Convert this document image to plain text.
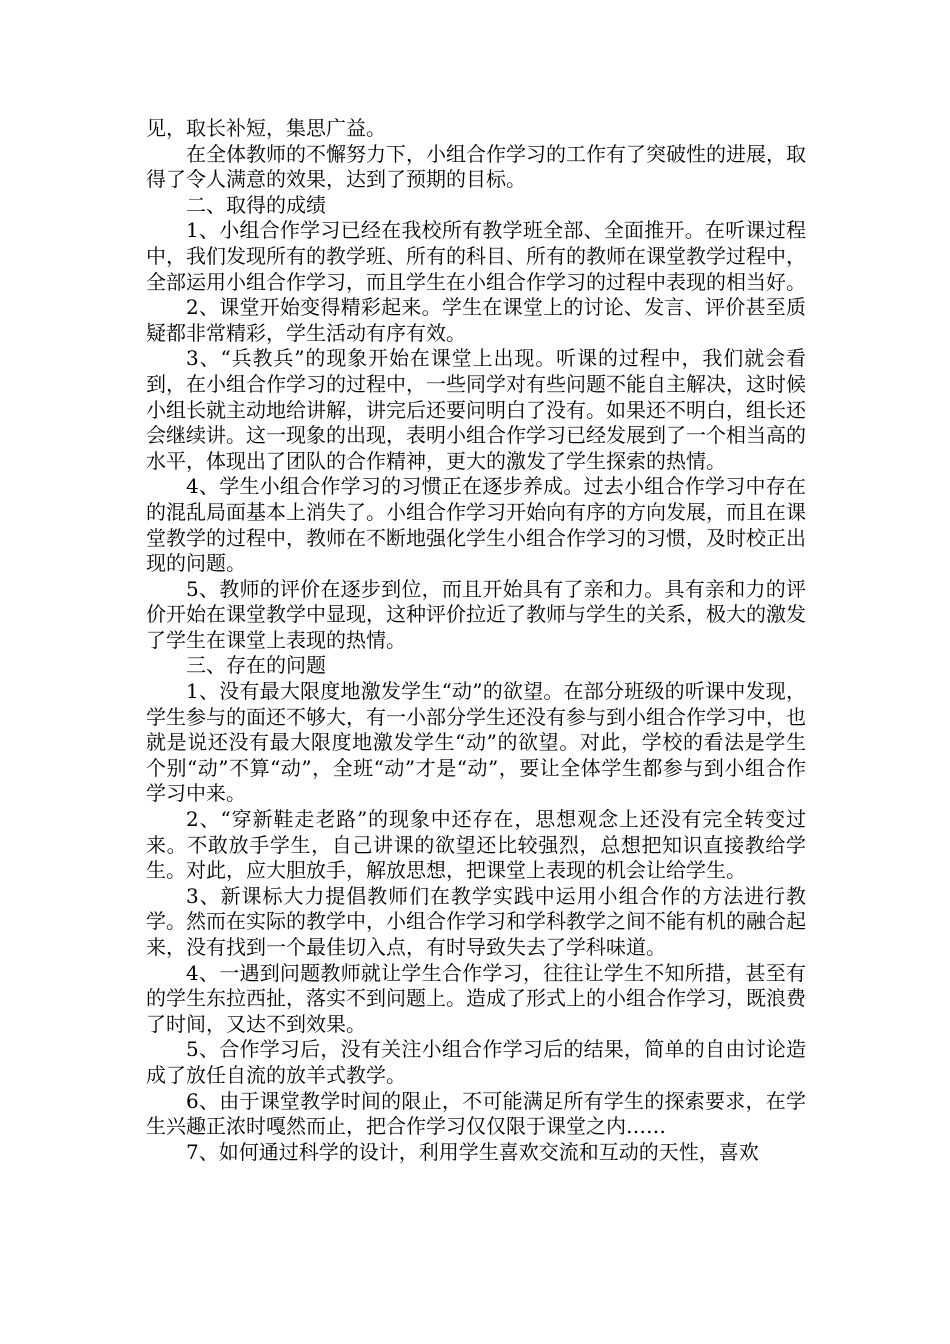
见，取长补短，集思广益。

在全体教师的不懈努力下，小组合作学习的工作有了突破性的进展，取得了令人满意的效果，达到了预期的目标。

二、取得的成绩

1、小组合作学习已经在我校所有教学班全部、全面推开。在听课过程中，我们发现所有的教学班、所有的科目、所有的教师在课堂教学过程中，全部运用小组合作学习，而且学生在小组合作学习的过程中表现的相当好。

2、课堂开始变得精彩起来。学生在课堂上的讨论、发言、评价甚至质疑都非常精彩，学生活动有序有效。

3、“兵教兵”的现象开始在课堂上出现。听课的过程中，我们就会看到，在小组合作学习的过程中，一些同学对有些问题不能自主解决，这时候小组长就主动地给讲解，讲完后还要问明白了没有。如果还不明白，组长还会继续讲。这一现象的出现，表明小组合作学习已经发展到了一个相当高的水平，体现出了团队的合作精神，更大的激发了学生探索的热情。

4、学生小组合作学习的习惯正在逐步养成。过去小组合作学习中存在的混乱局面基本上消失了。小组合作学习开始向有序的方向发展，而且在课堂教学的过程中，教师在不断地强化学生小组合作学习的习惯，及时校正出现的问题。

5、教师的评价在逐步到位，而且开始具有了亲和力。具有亲和力的评价开始在课堂教学中显现，这种评价拉近了教师与学生的关系，极大的激发了学生在课堂上表现的热情。

三、存在的问题

1、没有最大限度地激发学生“动”的欲望。在部分班级的听课中发现，学生参与的面还不够大，有一小部分学生还没有参与到小组合作学习中，也就是说还没有最大限度地激发学生“动”的欲望。对此，学校的看法是学生个别“动”不算“动”，全班“动”才是“动”，要让全体学生都参与到小组合作学习中来。

2、“穿新鞋走老路”的现象中还存在，思想观念上还没有完全转变过来。不敢放手学生，自己讲课的欲望还比较强烈，总想把知识直接教给学生。对此，应大胆放手，解放思想，把课堂上表现的机会让给学生。

3、新课标大力提倡教师们在教学实践中运用小组合作的方法进行教学。然而在实际的教学中，小组合作学习和学科教学之间不能有机的融合起来，没有找到一个最佳切入点，有时导致失去了学科味道。

4、一遇到问题教师就让学生合作学习，往往让学生不知所措，甚至有的学生东拉西扯，落实不到问题上。造成了形式上的小组合作学习，既浪费了时间，又达不到效果。

5、合作学习后，没有关注小组合作学习后的结果，简单的自由讨论造成了放任自流的放羊式教学。

6、由于课堂教学时间的限止，不可能满足所有学生的探索要求，在学生兴趣正浓时嘎然而止，把合作学习仅仅限于课堂之内……

7、如何通过科学的设计，利用学生喜欢交流和互动的天性，喜欢
